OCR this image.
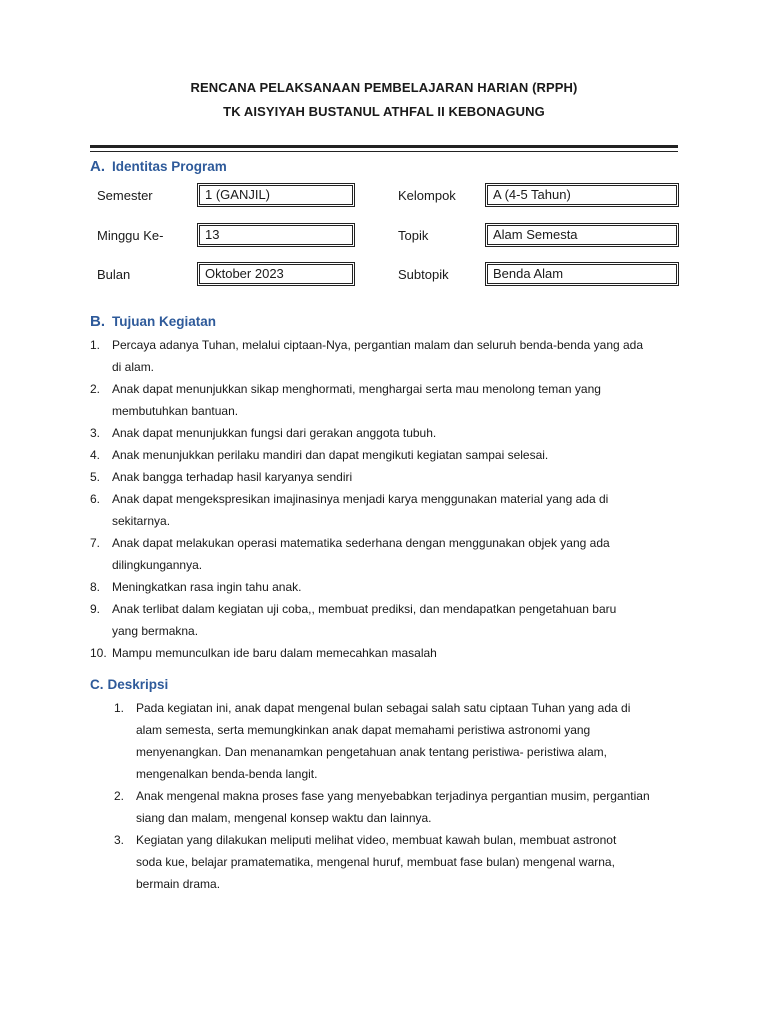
RENCANA PELAKSANAAN PEMBELAJARAN HARIAN (RPPH)
TK AISYIYAH BUSTANUL ATHFAL II KEBONAGUNG
A. Identitas Program
Semester	1 (GANJIL)	Kelompok	A (4-5 Tahun)
Minggu Ke-	13	Topik	Alam Semesta
Bulan	Oktober 2023	Subtopik	Benda Alam
B. Tujuan Kegiatan
1. Percaya adanya Tuhan, melalui ciptaan-Nya, pergantian malam dan seluruh benda-benda yang ada
di alam.
2. Anak dapat menunjukkan sikap menghormati, menghargai serta mau menolong teman yang
membutuhkan bantuan.
3. Anak dapat menunjukkan fungsi dari gerakan anggota tubuh.
4. Anak menunjukkan perilaku mandiri dan dapat mengikuti kegiatan sampai selesai.
5. Anak bangga terhadap hasil karyanya sendiri
6. Anak dapat mengekspresikan imajinasinya menjadi karya menggunakan material yang ada di
sekitarnya.
7. Anak dapat melakukan operasi matematika sederhana dengan menggunakan objek yang ada
dilingkungannya.
8. Meningkatkan rasa ingin tahu anak.
9. Anak terlibat dalam kegiatan uji coba,, membuat prediksi, dan mendapatkan pengetahuan baru
yang bermakna.
10. Mampu memunculkan ide baru dalam memecahkan masalah
C. Deskripsi
1. Pada kegiatan ini, anak dapat mengenal bulan sebagai salah satu ciptaan Tuhan yang ada di
alam semesta, serta memungkinkan anak dapat memahami peristiwa astronomi yang
menyenangkan. Dan menanamkan pengetahuan anak tentang peristiwa- peristiwa alam,
mengenalkan benda-benda langit.
2. Anak mengenal makna proses fase yang menyebabkan terjadinya pergantian musim, pergantian
siang dan malam, mengenal konsep waktu dan lainnya.
3. Kegiatan yang dilakukan meliputi melihat video, membuat kawah bulan, membuat astronot
soda kue, belajar pramatematika, mengenal huruf, membuat fase bulan) mengenal warna,
bermain drama.
